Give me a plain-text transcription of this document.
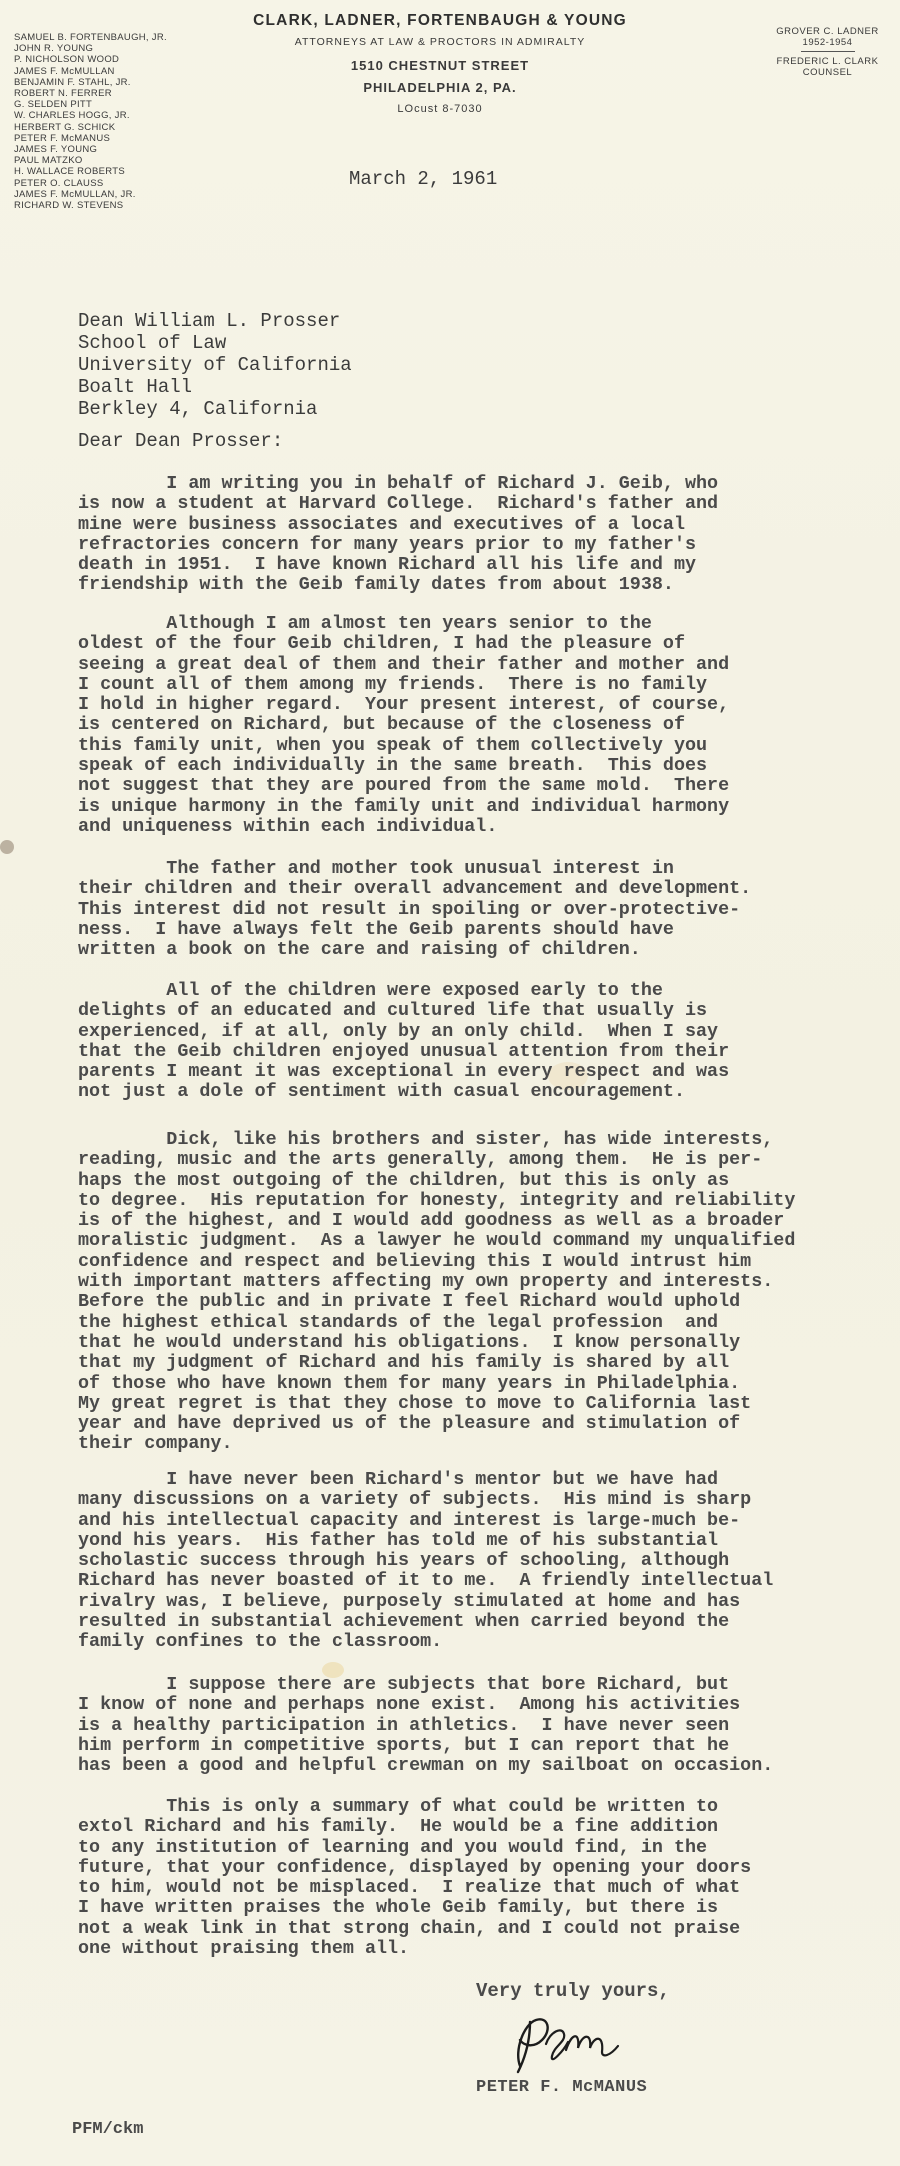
SAMUEL B. FORTENBAUGH, JR.
JOHN R. YOUNG
P. NICHOLSON WOOD
JAMES F. McMULLAN
BENJAMIN F. STAHL, JR.
ROBERT N. FERRER
G. SELDEN PITT
W. CHARLES HOGG, JR.
HERBERT G. SCHICK
PETER F. McMANUS
JAMES F. YOUNG
PAUL MATZKO
H. WALLACE ROBERTS
PETER O. CLAUSS
JAMES F. McMULLAN, JR.
RICHARD W. STEVENS
CLARK, LADNER, FORTENBAUGH & YOUNG
ATTORNEYS AT LAW & PROCTORS IN ADMIRALTY
1510 CHESTNUT STREET
PHILADELPHIA 2, PA.
LOcust 8-7030
GROVER C. LADNER
1952-1954
FREDERIC L. CLARK
COUNSEL
March 2, 1961
Dean William L. Prosser
School of Law
University of California
Boalt Hall
Berkley 4, California
Dear Dean Prosser:
I am writing you in behalf of Richard J. Geib, who
is now a student at Harvard College.  Richard's father and
mine were business associates and executives of a local
refractories concern for many years prior to my father's
death in 1951.  I have known Richard all his life and my
friendship with the Geib family dates from about 1938.
Although I am almost ten years senior to the
oldest of the four Geib children, I had the pleasure of
seeing a great deal of them and their father and mother and
I count all of them among my friends.  There is no family
I hold in higher regard.  Your present interest, of course,
is centered on Richard, but because of the closeness of
this family unit, when you speak of them collectively you
speak of each individually in the same breath.  This does
not suggest that they are poured from the same mold.  There
is unique harmony in the family unit and individual harmony
and uniqueness within each individual.
The father and mother took unusual interest in
their children and their overall advancement and development.
This interest did not result in spoiling or over-protective-
ness.  I have always felt the Geib parents should have
written a book on the care and raising of children.
All of the children were exposed early to the
delights of an educated and cultured life that usually is
experienced, if at all, only by an only child.  When I say
that the Geib children enjoyed unusual attention from their
parents I meant it was exceptional in every respect and was
not just a dole of sentiment with casual encouragement.
Dick, like his brothers and sister, has wide interests,
reading, music and the arts generally, among them.  He is per-
haps the most outgoing of the children, but this is only as
to degree.  His reputation for honesty, integrity and reliability
is of the highest, and I would add goodness as well as a broader
moralistic judgment.  As a lawyer he would command my unqualified
confidence and respect and believing this I would intrust him
with important matters affecting my own property and interests.
Before the public and in private I feel Richard would uphold
the highest ethical standards of the legal profession  and
that he would understand his obligations.  I know personally
that my judgment of Richard and his family is shared by all
of those who have known them for many years in Philadelphia.
My great regret is that they chose to move to California last
year and have deprived us of the pleasure and stimulation of
their company.
I have never been Richard's mentor but we have had
many discussions on a variety of subjects.  His mind is sharp
and his intellectual capacity and interest is large-much be-
yond his years.  His father has told me of his substantial
scholastic success through his years of schooling, although
Richard has never boasted of it to me.  A friendly intellectual
rivalry was, I believe, purposely stimulated at home and has
resulted in substantial achievement when carried beyond the
family confines to the classroom.
I suppose there are subjects that bore Richard, but
I know of none and perhaps none exist.  Among his activities
is a healthy participation in athletics.  I have never seen
him perform in competitive sports, but I can report that he
has been a good and helpful crewman on my sailboat on occasion.
This is only a summary of what could be written to
extol Richard and his family.  He would be a fine addition
to any institution of learning and you would find, in the
future, that your confidence, displayed by opening your doors
to him, would not be misplaced.  I realize that much of what
I have written praises the whole Geib family, but there is
not a weak link in that strong chain, and I could not praise
one without praising them all.
Very truly yours,
PETER F. McMANUS
PFM/ckm
